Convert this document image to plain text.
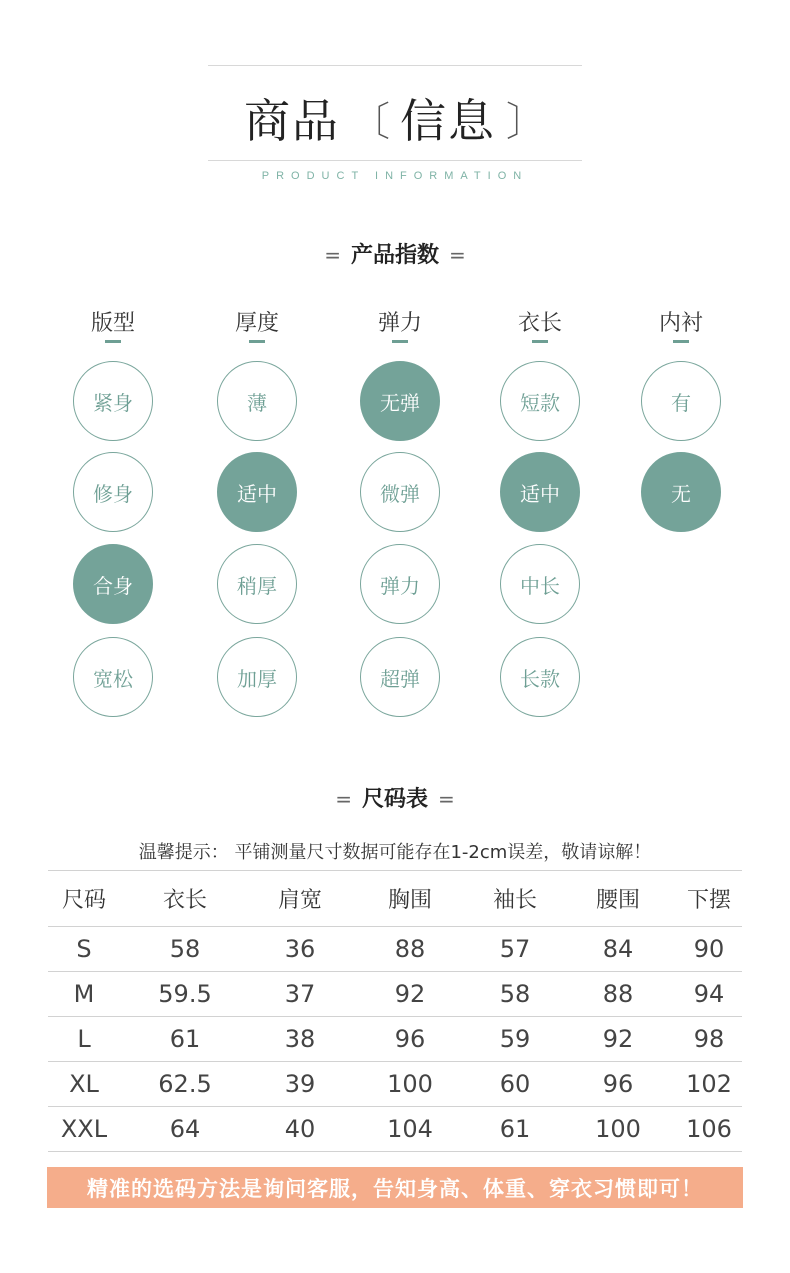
商品 〔 信息 〕
PRODUCT INFORMATION
= 产品指数 =
版型
紧身
修身
合身
宽松
厚度
薄
适中
稍厚
加厚
弹力
无弹
微弹
弹力
超弹
衣长
短款
适中
中长
长款
内衬
有
无
= 尺码表 =
温馨提示： 平铺测量尺寸数据可能存在1-2cm误差，敬请谅解！
尺码	衣长	肩宽	胸围	袖长	腰围	下摆
S	58	36	88	57	84	90
M	59.5	37	92	58	88	94
L	61	38	96	59	92	98
XL	62.5	39	100	60	96	102
XXL	64	40	104	61	100	106
精准的选码方法是询问客服，告知身高、体重、穿衣习惯即可！
